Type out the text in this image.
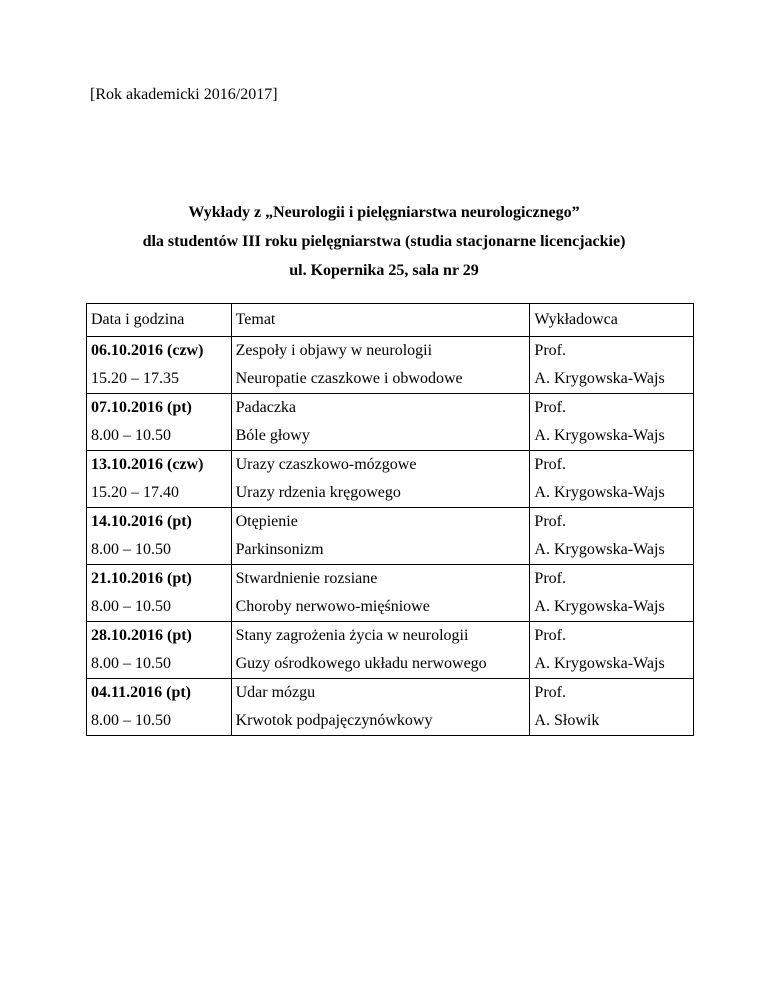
[Rok akademicki 2016/2017]
Wykłady z „Neurologii i pielęgniarstwa neurologicznego”
dla studentów III roku pielęgniarstwa (studia stacjonarne licencjackie)
ul. Kopernika 25, sala nr 29
Data i godzina	Temat	Wykładowca
06.10.2016 (czw)	Zespoły i objawy w neurologii	Prof.
15.20 – 17.35	Neuropatie czaszkowe i obwodowe	A. Krygowska-Wajs
07.10.2016 (pt)	Padaczka	Prof.
8.00 – 10.50	Bóle głowy	A. Krygowska-Wajs
13.10.2016 (czw)	Urazy czaszkowo-mózgowe	Prof.
15.20 – 17.40	Urazy rdzenia kręgowego	A. Krygowska-Wajs
14.10.2016 (pt)	Otępienie	Prof.
8.00 – 10.50	Parkinsonizm	A. Krygowska-Wajs
21.10.2016 (pt)	Stwardnienie rozsiane	Prof.
8.00 – 10.50	Choroby nerwowo-mięśniowe	A. Krygowska-Wajs
28.10.2016 (pt)	Stany zagrożenia życia w neurologii	Prof.
8.00 – 10.50	Guzy ośrodkowego układu nerwowego	A. Krygowska-Wajs
04.11.2016 (pt)	Udar mózgu	Prof.
8.00 – 10.50	Krwotok podpajęczynówkowy	A. Słowik
